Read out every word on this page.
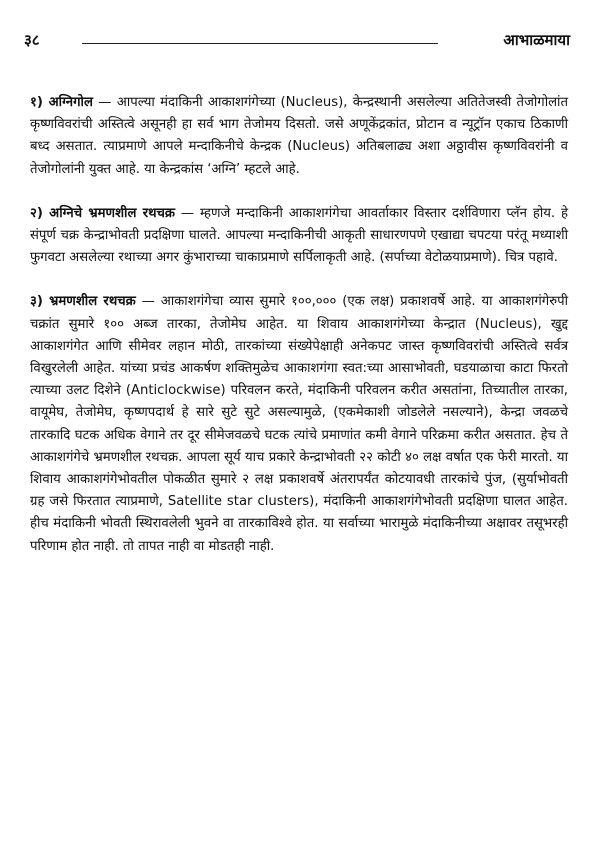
३८	आभाळमाया

१) अग्निगोल — आपल्या मंदाकिनी आकाशगंगेच्या (Nucleus), केन्द्रस्थानी असलेल्या अतितेजस्वी तेजोगोलांत कृष्णविवरांची अस्तित्वे असूनही हा सर्व भाग तेजोमय दिसतो. जसे अणूकेंद्रकांत, प्रोटान व न्यूट्रॉन एकाच ठिकाणी बध्द असतात. त्याप्रमाणे आपले मन्दाकिनीचे केन्द्रक (Nucleus) अतिबलाढ्य अशा अठ्ठावीस कृष्णविवरांनी व तेजोगोलांनी युक्त आहे. या केन्द्रकांस ‘अग्नि’ म्हटले आहे.

२) अग्निचे भ्रमणशील रथचक्र — म्हणजे मन्दाकिनी आकाशगंगेचा आवर्ताकार विस्तार दर्शविणारा प्लॅन होय. हे संपूर्ण चक्र केन्द्राभोवती प्रदक्षिणा घालते. आपल्या मन्दाकिनीची आकृती साधारणपणे एखाद्या चपटया परंतू मध्याशी फुगवटा असलेल्या रथाच्या अगर कुंभाराच्या चाकाप्रमाणे सर्पिलाकृती आहे. (सर्पाच्या वेटोळयाप्रमाणे). चित्र पहावे.

३) भ्रमणशील रथचक्र — आकाशगंगेचा व्यास सुमारे १००,००० (एक लक्ष) प्रकाशवर्षे आहे. या आकाशगंगेरुपी चक्रांत सुमारे १०० अब्ज तारका, तेजोमेघ आहेत. या शिवाय आकाशगंगेच्या केन्द्रात (Nucleus), खुद्द आकाशगंगेत आणि सीमेवर लहान मोठी, तारकांच्या संख्येपेक्षाही अनेकपट जास्त कृष्णविवरांची अस्तित्वे सर्वत्र विखुरलेली आहेत. यांच्या प्रचंड आकर्षण शक्तिमुळेच आकाशगंगा स्वत:च्या आसाभोवती, घडयाळाचा काटा फिरतो त्याच्या उलट दिशेने (Anticlockwise) परिवलन करते, मंदाकिनी परिवलन करीत असतांना, तिच्यातील तारका, वायूमेघ, तेजोमेघ, कृष्णपदार्थ हे सारे सुटे सुटे असल्यामुळे, (एकमेकाशी जोडलेले नसल्याने), केन्द्रा जवळचे तारकादि घटक अधिक वेगाने तर दूर सीमेजवळचे घटक त्यांचे प्रमाणांत कमी वेगाने परिक्रमा करीत असतात. हेच ते आकाशगंगेचे भ्रमणशील रथचक्र. आपला सूर्य याच प्रकारे केन्द्राभोवती २२ कोटी ४० लक्ष वर्षात एक फेरी मारतो. या शिवाय आकाशगंगेभोवतील पोकळीत सुमारे २ लक्ष प्रकाशवर्षे अंतरापर्यंत कोटयावधी तारकांचे पुंज, (सुर्याभोवती ग्रह जसे फिरतात त्याप्रमाणे, Satellite star clusters), मंदाकिनी आकाशगंगेभोवती प्रदक्षिणा घालत आहेत. हीच मंदाकिनी भोवती स्थिरावलेली भुवने वा तारकाविश्वे होत. या सर्वाच्या भारामुळे मंदाकिनीच्या अक्षावर तसूभरही परिणाम होत नाही. तो तापत नाही वा मोडतही नाही.
